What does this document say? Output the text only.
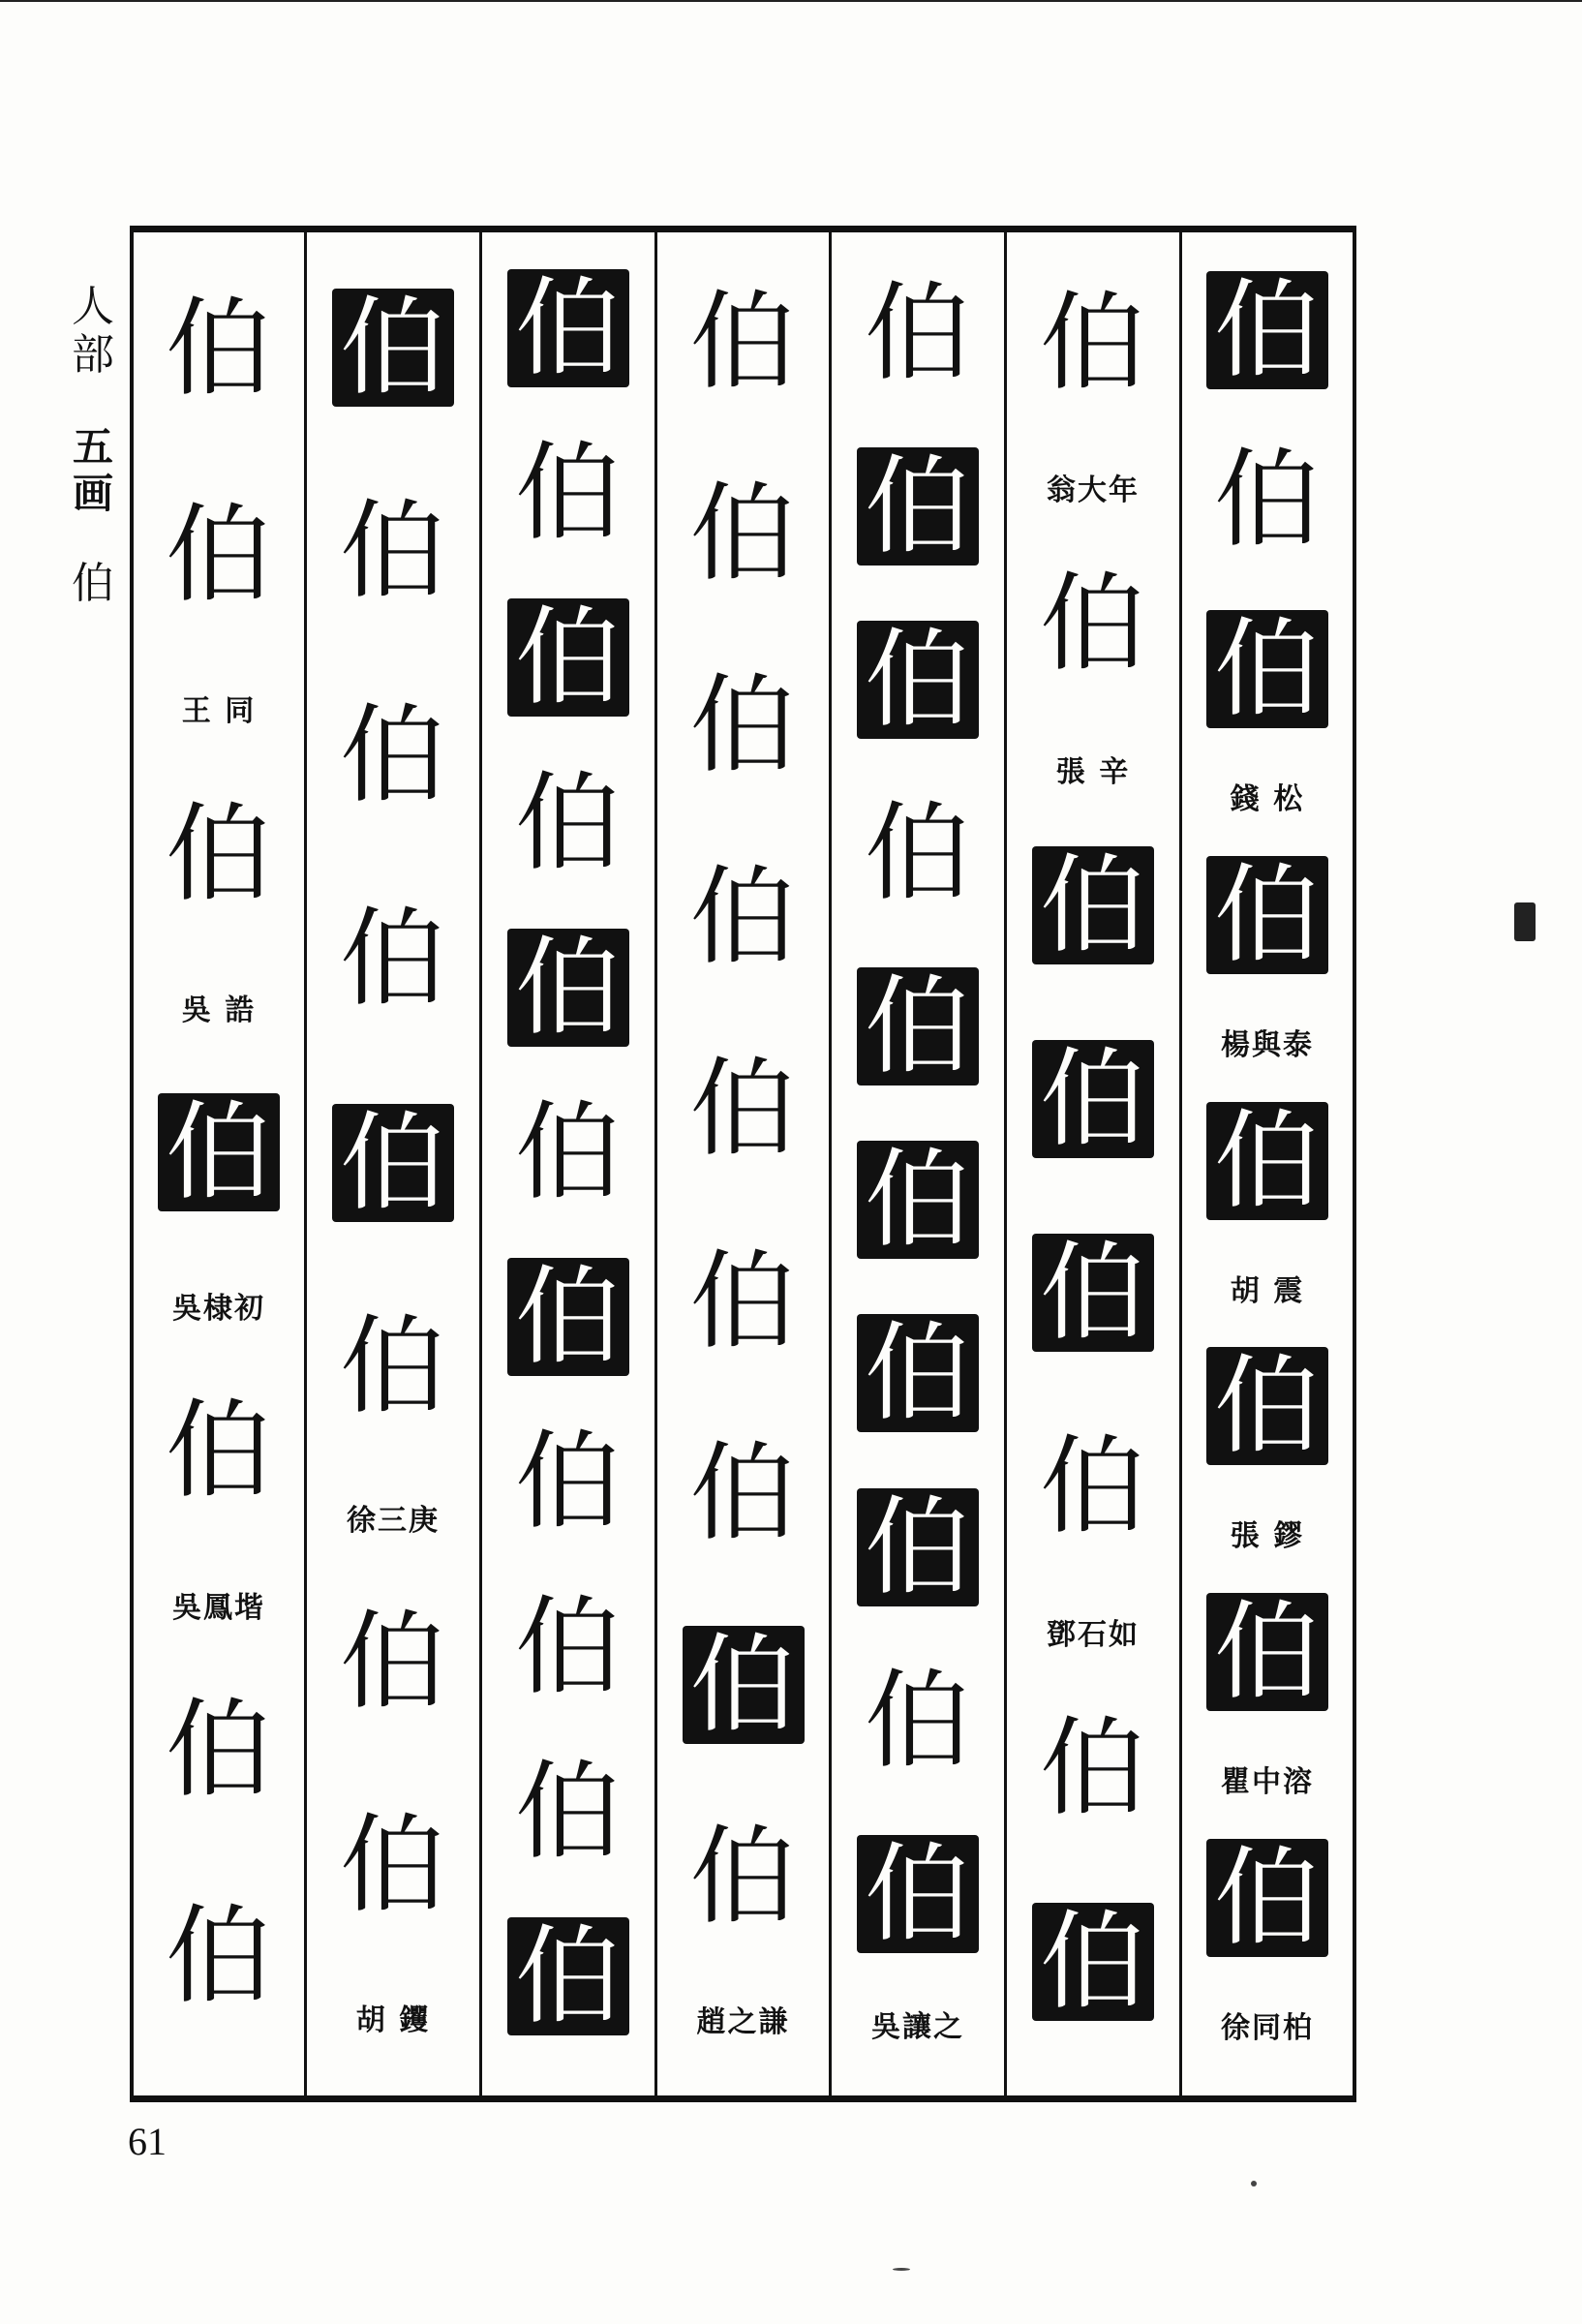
人部
五画
伯
伯
伯
王 同
伯
吳 誥
伯
吳棣初
伯
吳鳳堦
伯
伯
伯
伯
伯
伯
伯
伯
徐三庚
伯
伯
胡 钁
伯
伯
伯
伯
伯
伯
伯
伯
伯
伯
伯
伯
伯
伯
伯
伯
伯
伯
伯
伯
趙之謙
伯
伯
伯
伯
伯
伯
伯
伯
伯
伯
吳讓之
伯
翁大年
伯
張 辛
伯
伯
伯
伯
鄧石如
伯
伯
伯
伯
伯
錢 松
伯
楊與泰
伯
胡 震
伯
張 鏐
伯
瞿中溶
伯
徐同柏
61
